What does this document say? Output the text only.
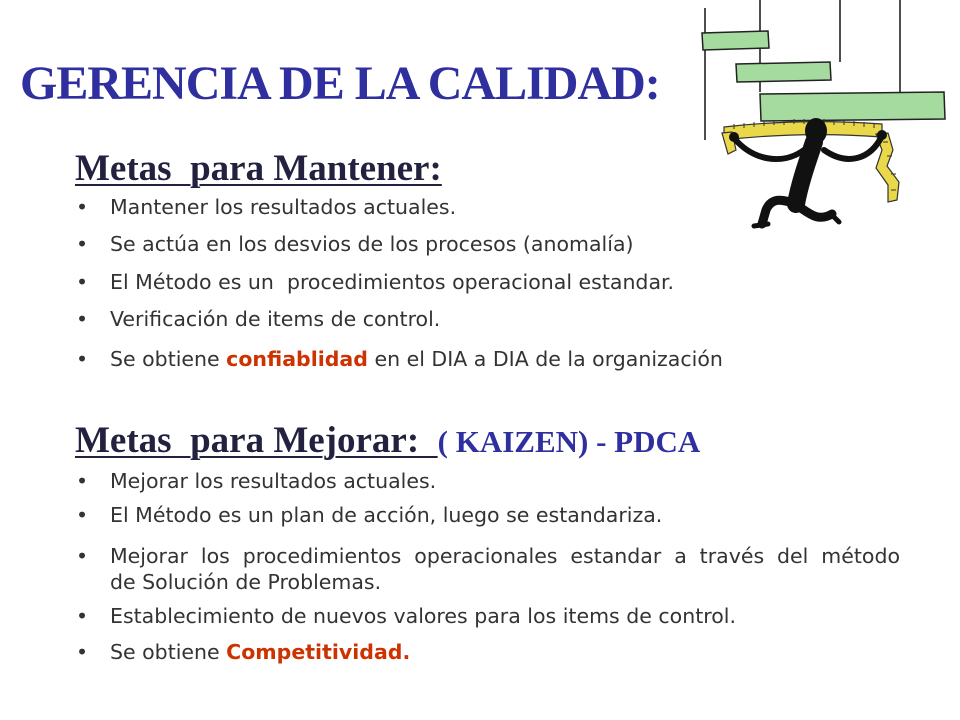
GERENCIA DE LA CALIDAD:
Metas  para Mantener:
•
Mantener los resultados actuales.
•
Se actúa en los desvios de los procesos (anomalía)
•
El Método es un  procedimientos operacional estandar.
•
Verificación de items de control.
•
Se obtiene confiablidad en el DIA a DIA de la organización
Metas  para Mejorar:  ( KAIZEN) - PDCA
•
Mejorar los resultados actuales.
•
El Método es un plan de acción, luego se estandariza.
•
Mejorar los procedimientos operacionales estandar a través del método
de Solución de Problemas.
•
Establecimiento de nuevos valores para los items de control.
•
Se obtiene Competitividad.
